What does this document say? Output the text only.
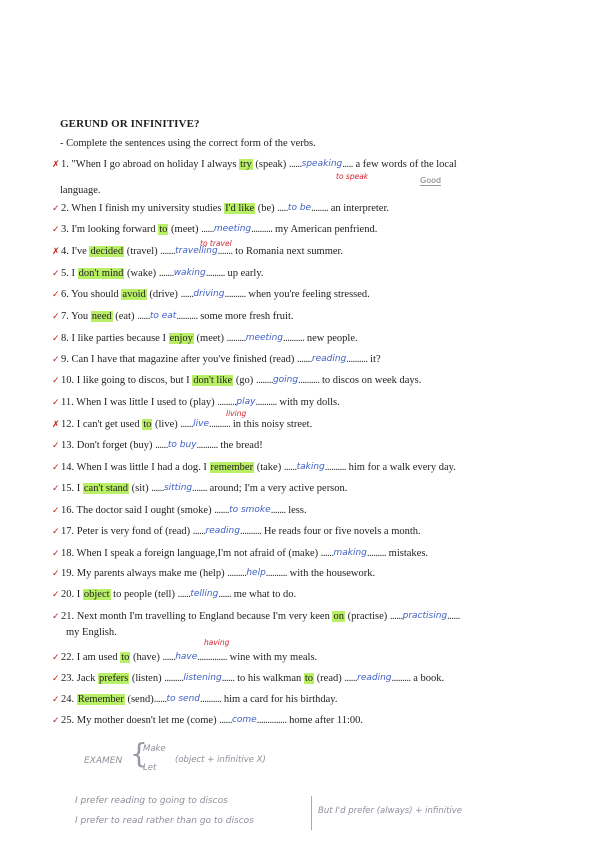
GERUND OR INFINITIVE?
- Complete the sentences using the correct form of the verbs.
✗1. "When I go abroad on holiday I always try (speak) ......speaking..... a few words of the local
✓2. When I finish my university studies I'd like (be) .....to be........ an interpreter.
✓3. I'm looking forward to (meet) ......meeting.......... my American penfriend.
✗4. I've decided (travel) .......travelling....... to Romania next summer.
✓5. I don't mind (wake) .......waking......... up early.
✓6. You should avoid (drive) ......driving.......... when you're feeling stressed.
✓7. You need (eat) ......to eat.......... some more fresh fruit.
✓8. I like parties because I enjoy (meet) .........meeting.......... new people.
✓9. Can I have that magazine after you've finished (read) .......reading.......... it?
✓10. I like going to discos, but I don't like (go) ........going.......... to discos on week days.
✓11. When I was little I used to (play) .........play.......... with my dolls.
✗12. I can't get used to (live) ......live.......... in this noisy street.
✓13. Don't forget (buy) ......to buy.......... the bread!
✓14. When I was little I had a dog. I remember (take) ......taking.......... him for a walk every day.
✓15. I can't stand (sit) ......sitting....... around; I'm a very active person.
✓16. The doctor said I ought (smoke) .......to smoke....... less.
✓17. Peter is very fond of (read) ......reading.......... He reads four or five novels a month.
✓18. When I speak a foreign language,I'm not afraid of (make) ......making......... mistakes.
✓19. My parents always make me (help) .........help.......... with the housework.
✓20. I object to people (tell) ......telling...... me what to do.
✓21. Next month I'm travelling to England because I'm very keen on (practise) ......practising......
✓22. I am used to (have) ......have.............. wine with my meals.
✓23. Jack prefers (listen) .........listening...... to his walkman to (read) ......reading......... a book.
✓24. Remember (send)......to send.......... him a card for his birthday.
✓25. My mother doesn't let me (come) ......come.............. home after 11:00.
language.
my English.
to speak	Good
to travel
living
having
EXAMEN {
Make
Let
(object + infinitive X)
I prefer reading to going to discos
I prefer to read rather than go to discos
But I'd prefer (always) + infinitive
